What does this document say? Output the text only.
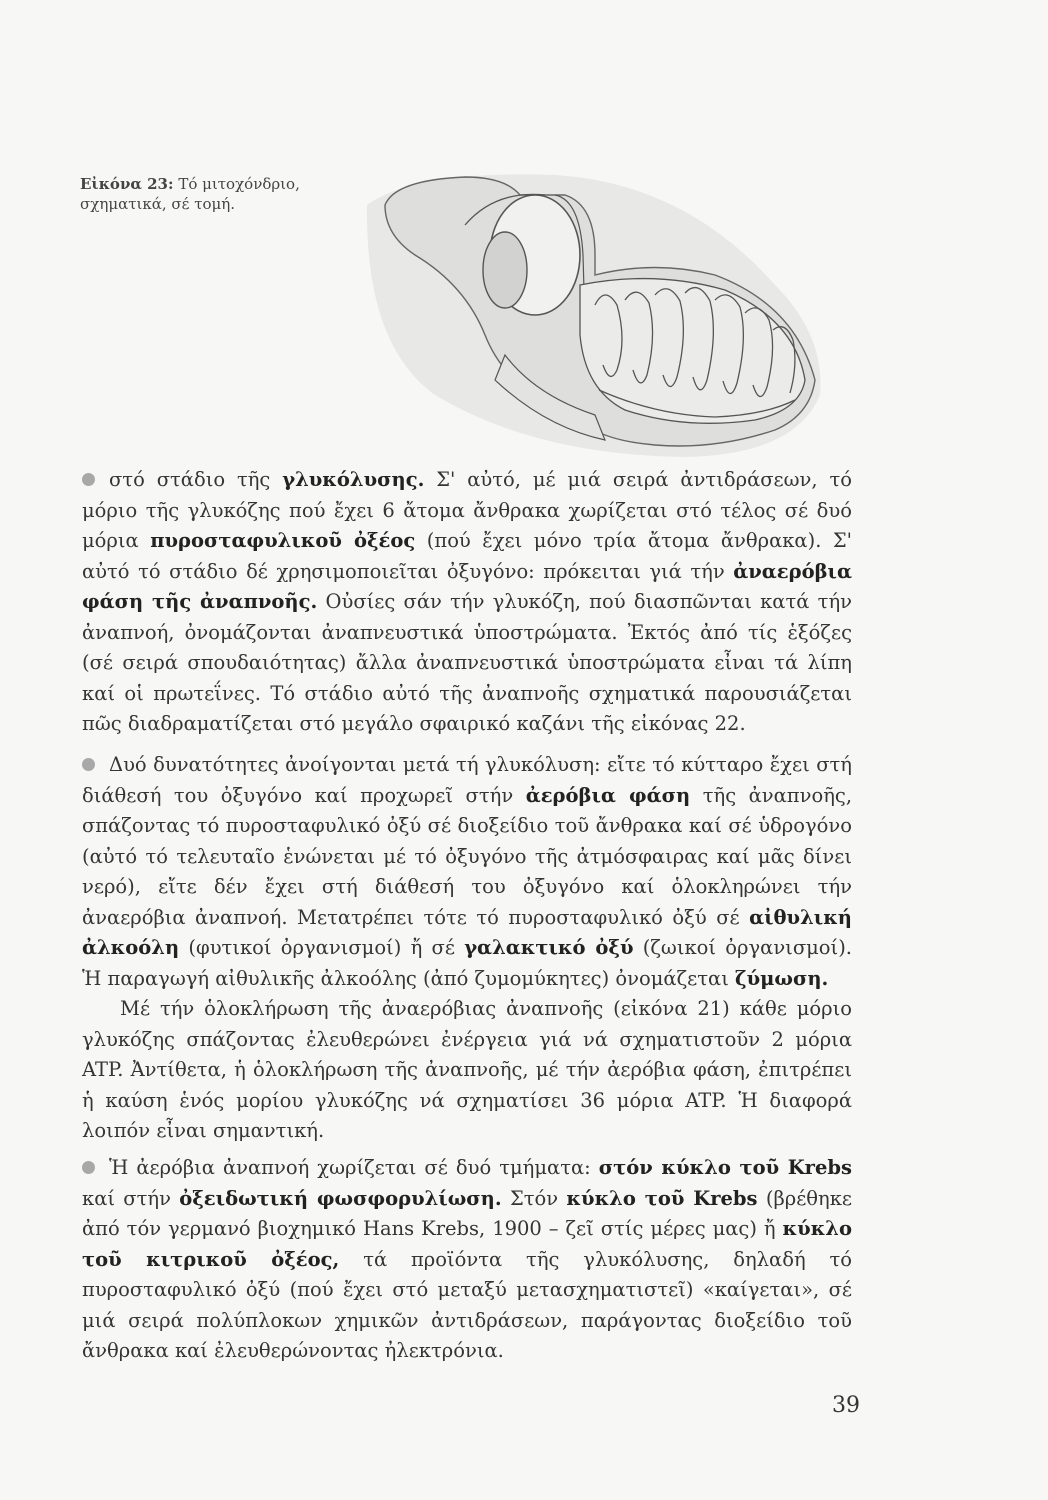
Εἰκόνα 23: Τό μιτοχόνδριο, σχηματικά, σέ τομή.
στό στάδιο τῆς γλυκόλυσης. Σ' αὐτό, μέ μιά σειρά ἀντιδράσεων, τό μόριο τῆς γλυκόζης πού ἔχει 6 ἄτομα ἄνθρακα χωρίζεται στό τέλος σέ δυό μόρια πυροσταφυλικοῦ ὀξέος (πού ἔχει μόνο τρία ἄτομα ἄνθρακα). Σ' αὐτό τό στάδιο δέ χρησιμοποιεῖται ὀξυγόνο: πρόκειται γιά τήν ἀναερόβια φάση τῆς ἀναπνοῆς. Οὐσίες σάν τήν γλυκόζη, πού διασπῶνται κατά τήν ἀναπνοή, ὀνομάζονται ἀναπνευστικά ὑποστρώματα. Ἐκτός ἀπό τίς ἑξόζες (σέ σειρά σπουδαιότητας) ἄλλα ἀναπνευστικά ὑποστρώματα εἶναι τά λίπη καί οἱ πρωτεΐνες. Τό στάδιο αὐτό τῆς ἀναπνοῆς σχηματικά παρουσιάζεται πῶς διαδραματίζεται στό μεγάλο σφαιρικό καζάνι τῆς εἰκόνας 22.
Δυό δυνατότητες ἀνοίγονται μετά τή γλυκόλυση: εἴτε τό κύτταρο ἔχει στή διάθεσή του ὀξυγόνο καί προχωρεῖ στήν ἀερόβια φάση τῆς ἀναπνοῆς, σπάζοντας τό πυροσταφυλικό ὀξύ σέ διοξείδιο τοῦ ἄνθρακα καί σέ ὑδρογόνο (αὐτό τό τελευταῖο ἑνώνεται μέ τό ὀξυγόνο τῆς ἀτμόσφαιρας καί μᾶς δίνει νερό), εἴτε δέν ἔχει στή διάθεσή του ὀξυγόνο καί ὁλοκληρώνει τήν ἀναερόβια ἀναπνοή. Μετατρέπει τότε τό πυροσταφυλικό ὀξύ σέ αἰθυλική ἀλκοόλη (φυτικοί ὀργανισμοί) ἤ σέ γαλακτικό ὀξύ (ζωικοί ὀργανισμοί). Ἡ παραγωγή αἰθυλικῆς ἀλκοόλης (ἀπό ζυμομύκητες) ὀνομάζεται ζύμωση.
Μέ τήν ὁλοκλήρωση τῆς ἀναερόβιας ἀναπνοῆς (εἰκόνα 21) κάθε μόριο γλυκόζης σπάζοντας ἐλευθερώνει ἐνέργεια γιά νά σχηματιστοῦν 2 μόρια ATP. Ἀντίθετα, ἡ ὁλοκλήρωση τῆς ἀναπνοῆς, μέ τήν ἀερόβια φάση, ἐπιτρέπει ἡ καύση ἑνός μορίου γλυκόζης νά σχηματίσει 36 μόρια ATP. Ἡ διαφορά λοιπόν εἶναι σημαντική.
Ἡ ἀερόβια ἀναπνοή χωρίζεται σέ δυό τμήματα: στόν κύκλο τοῦ Krebs καί στήν ὀξειδωτική φωσφορυλίωση. Στόν κύκλο τοῦ Krebs (βρέθηκε ἀπό τόν γερμανό βιοχημικό Hans Krebs, 1900 – ζεῖ στίς μέρες μας) ἤ κύκλο τοῦ κιτρικοῦ ὀξέος, τά προϊόντα τῆς γλυκόλυσης, δηλαδή τό πυροσταφυλικό ὀξύ (πού ἔχει στό μεταξύ μετασχηματιστεῖ) «καίγεται», σέ μιά σειρά πολύπλοκων χημικῶν ἀντιδράσεων, παράγοντας διοξείδιο τοῦ ἄνθρακα καί ἐλευθερώνοντας ἠλεκτρόνια.
39
